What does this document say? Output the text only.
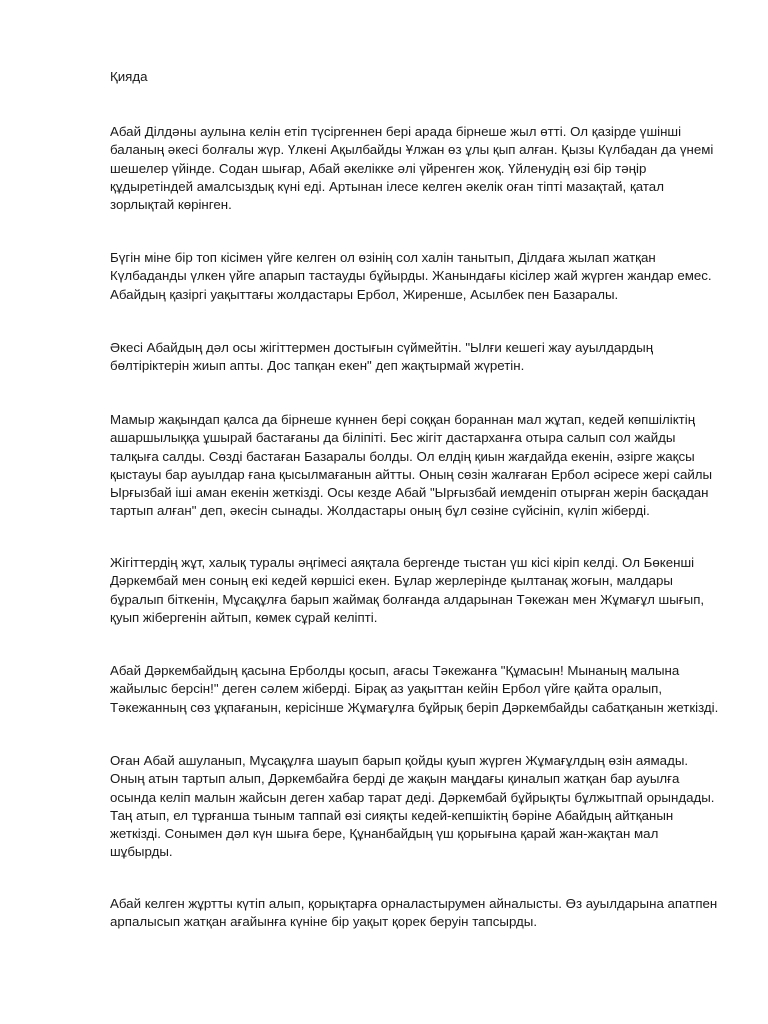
Қияда

Абай Ділдәны аулына келін етіп түсіргеннен бері арада бірнеше жыл өтті. Ол қазірде үшінші
баланың әкесі болғалы жүр. Үлкені Ақылбайды Ұлжан өз ұлы қып алған. Қызы Күлбадан да үнемі
шешелер үйінде. Содан шығар, Абай әкелікке әлі үйренген жоқ. Үйленудің өзі бір тәңір
құдыретіндей амалсыздық күні еді. Артынан ілесе келген әкелік оған тіпті мазақтай, қатал
зорлықтай көрінген.

Бүгін міне бір топ кісімен үйге келген ол өзінің сол халін танытып, Ділдаға жылап жатқан
Күлбаданды үлкен үйге апарып тастауды бұйырды. Жанындағы кісілер жай жүрген жандар емес.
Абайдың қазіргі уақыттағы жолдастары Ербол, Жиренше, Асылбек пен Базаралы.

Әкесі Абайдың дәл осы жігіттермен достығын сүймейтін. "Ылғи кешегі жау ауылдардың
бөлтіріктерін жиып апты. Дос тапқан екен" деп жақтырмай жүретін.

Мамыр жақындап қалса да бірнеше күннен бері соққан бораннан мал жұтап, кедей көпшіліктің
ашаршылыққа ұшырай бастағаны да біліпіті. Бес жігіт дастарханға отыра салып сол жайды
талқыға салды. Сөзді бастаған Базаралы болды. Ол елдің қиын жағдайда екенін, әзірге жақсы
қыстауы бар ауылдар ғана қысылмағанын айтты. Оның сөзін жалғаған Ербол әсіресе жері сайлы
Ырғызбай іші аман екенін жеткізді. Осы кезде Абай "Ырғызбай иемденіп отырған жерін басқадан
тартып алған" деп, әкесін сынады. Жолдастары оның бұл сөзіне сүйсініп, күліп жіберді.

Жігіттердің жұт, халық туралы әңгімесі аяқтала бергенде тыстан үш кісі кіріп келді. Ол Бөкенші
Дәркембай мен соның екі кедей көршісі екен. Бұлар жерлерінде қылтанақ жоғын, малдары
бұралып біткенін, Мұсақұлға барып жаймақ болғанда алдарынан Тәкежан мен Жұмағұл шығып,
қуып жібергенін айтып, көмек сұрай келіпті.

Абай Дәркембайдың қасына Ерболды қосып, ағасы Тәкежанға "Құмасын! Мынаның малына
жайылыс берсін!" деген сәлем жіберді. Бірақ аз уақыттан кейін Ербол үйге қайта оралып,
Тәкежанның сөз ұқпағанын, керісінше Жұмағұлға бұйрық беріп Дәркембайды сабатқанын жеткізді.

Оған Абай ашуланып, Мұсақұлға шауып барып қойды қуып жүрген Жұмағұлдың өзін аямады.
Оның атын тартып алып, Дәркембайға берді де жақын маңдағы қиналып жатқан бар ауылға
осында келіп малын жайсын деген хабар тарат деді. Дәркембай бұйрықты бұлжытпай орындады.
Таң атып, ел тұрғанша тыным таппай өзі сияқты кедей-кепшіктің бәріне Абайдың айтқанын
жеткізді. Сонымен дәл күн шыға бере, Құнанбайдың үш қорығына қарай жан-жақтан мал
шұбырды.

Абай келген жұртты күтіп алып, қорықтарға орналастырумен айналысты. Өз ауылдарына апатпен
арпалысып жатқан ағайынға күніне бір уақыт қорек беруін тапсырды.
